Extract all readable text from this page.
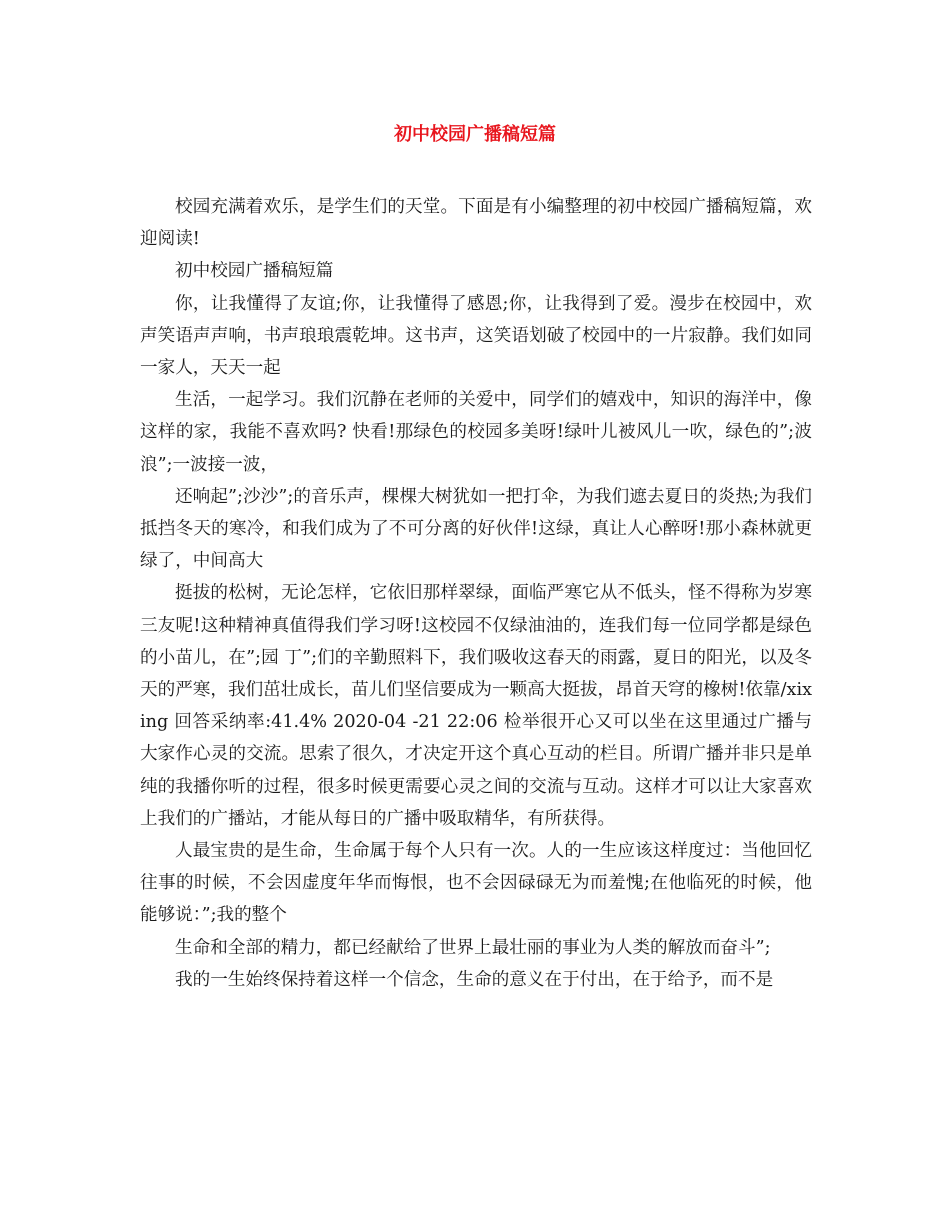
初中校园广播稿短篇

校园充满着欢乐，是学生们的天堂。下面是有小编整理的初中校园广播稿短篇，欢迎阅读!

初中校园广播稿短篇

你，让我懂得了友谊;你，让我懂得了感恩;你，让我得到了爱。漫步在校园中，欢声笑语声声响，书声琅琅震乾坤。这书声，这笑语划破了校园中的一片寂静。我们如同一家人，天天一起

生活，一起学习。我们沉静在老师的关爱中，同学们的嬉戏中，知识的海洋中，像这样的家，我能不喜欢吗? 快看!那绿色的校园多美呀!绿叶儿被风儿一吹，绿色的”;波浪”;一波接一波，

还响起”;沙沙”;的音乐声，棵棵大树犹如一把打伞，为我们遮去夏日的炎热;为我们抵挡冬天的寒冷，和我们成为了不可分离的好伙伴!这绿，真让人心醉呀!那小森林就更绿了，中间高大

挺拔的松树，无论怎样，它依旧那样翠绿，面临严寒它从不低头，怪不得称为岁寒三友呢!这种精神真值得我们学习呀!这校园不仅绿油油的，连我们每一位同学都是绿色的小苗儿，在”;园 丁”;们的辛勤照料下，我们吸收这春天的雨露，夏日的阳光，以及冬天的严寒，我们茁壮成长，苗儿们坚信要成为一颗高大挺拔，昂首天穹的橡树!依靠/xixing 回答采纳率:41.4% 2020-04 -21 22:06 检举很开心又可以坐在这里通过广播与大家作心灵的交流。思索了很久，才决定开这个真心互动的栏目。所谓广播并非只是单纯的我播你听的过程，很多时候更需要心灵之间的交流与互动。这样才可以让大家喜欢上我们的广播站，才能从每日的广播中吸取精华，有所获得。

人最宝贵的是生命，生命属于每个人只有一次。人的一生应该这样度过：当他回忆往事的时候，不会因虚度年华而悔恨，也不会因碌碌无为而羞愧;在他临死的时候，他能够说：”;我的整个

生命和全部的精力，都已经献给了世界上最壮丽的事业为人类的解放而奋斗”;

我的一生始终保持着这样一个信念，生命的意义在于付出，在于给予，而不是
